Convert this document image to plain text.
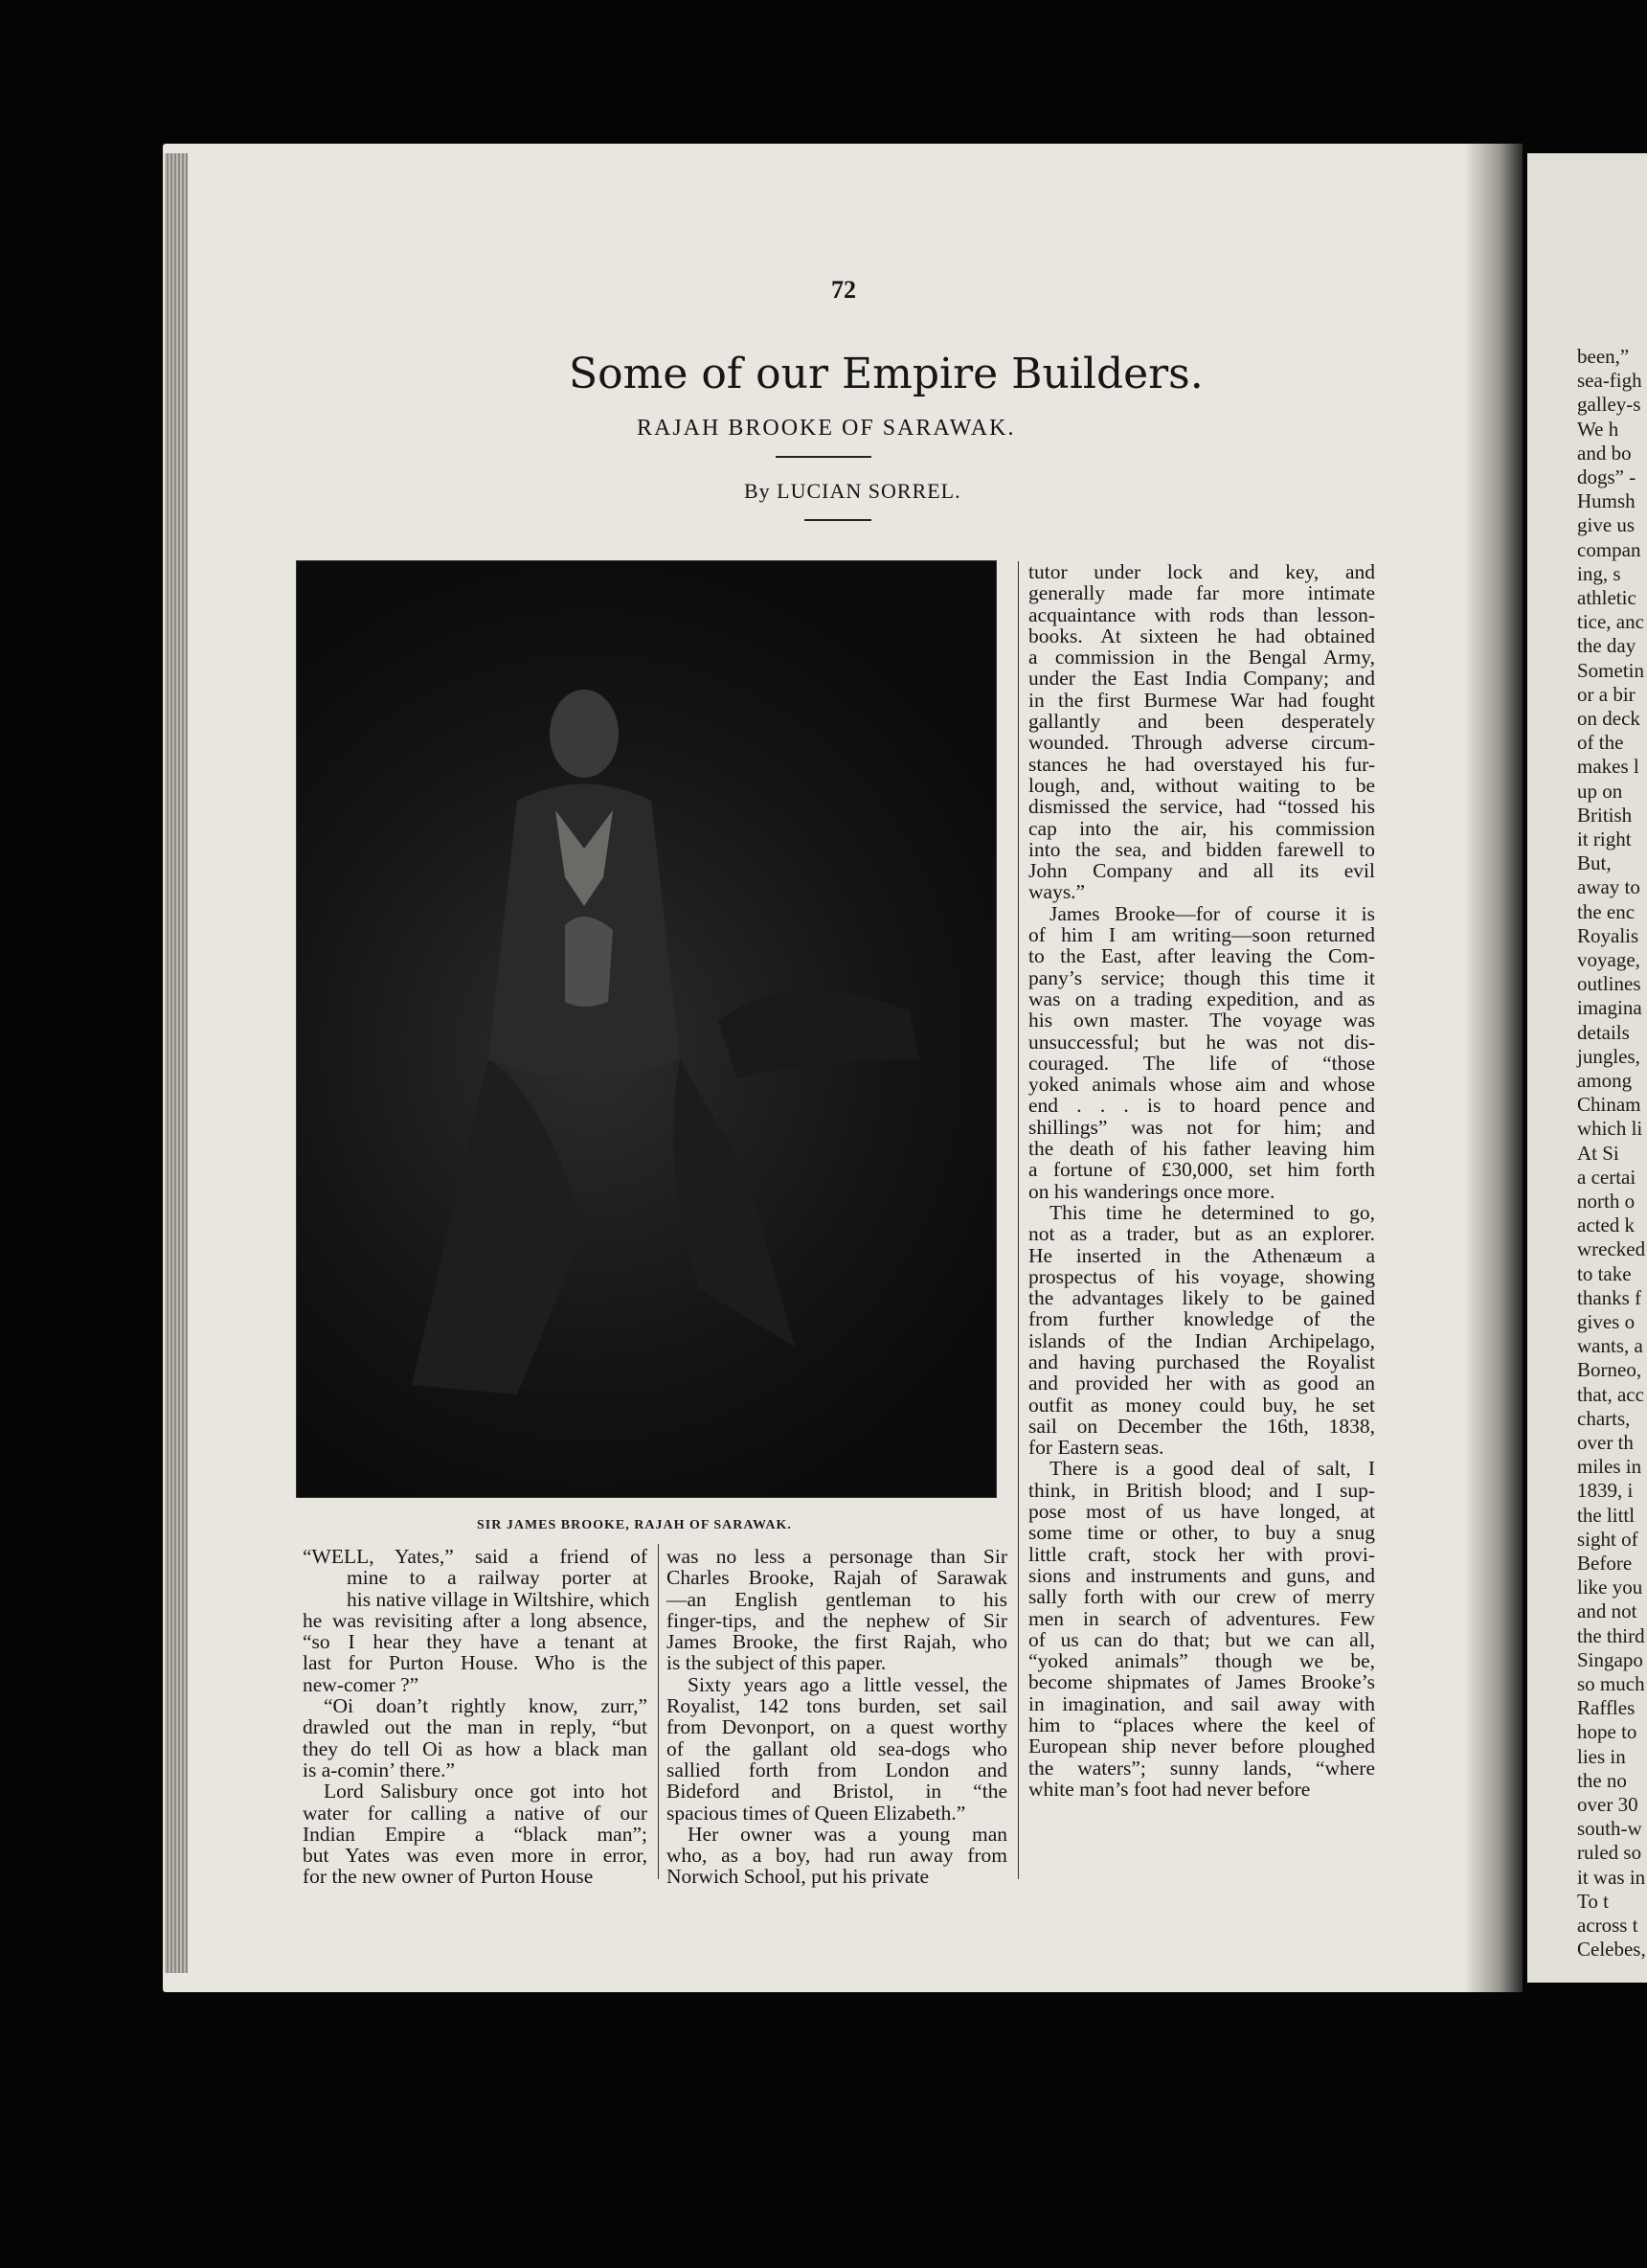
been,”
sea-figh
galley-s
We h
and bo
dogs” -
Humsh
give us
compan
ing, s
athletic
tice, anc
the day
Sometin
or a bir
on deck
of the
makes l
up on
British
it right
But,
away to
the enc
Royalis
voyage,
outlines
imagina
details
jungles,
among
Chinam
which li
At Si
a certai
north o
acted k
wrecked
to take
thanks f
gives o
wants, a
Borneo,
that, acc
charts,
over th
miles in
1839, i
the littl
sight of
Before
like you
and not
the third
Singapo
so much
Raffles
hope to
lies in
the no
over 30
south-w
ruled so
it was in
To t
across t
Celebes,
72
Some of our Empire Builders.
RAJAH BROOKE OF SARAWAK.
By LUCIAN SORREL.
SIR JAMES BROOKE, RAJAH OF SARAWAK.
“WELL, Yates,” said a friend of
mine to a railway porter at
his native village in Wiltshire, which
he was revisiting after a long absence,
“so I hear they have a tenant at
last for Purton House. Who is the
new-comer ?”
“Oi doan’t rightly know, zurr,”
drawled out the man in reply, “but
they do tell Oi as how a black man
is a-comin’ there.”
Lord Salisbury once got into hot
water for calling a native of our
Indian Empire a “black man”;
but Yates was even more in error,
for the new owner of Purton House
was no less a personage than Sir
Charles Brooke, Rajah of Sarawak
—an English gentleman to his
finger-tips, and the nephew of Sir
James Brooke, the first Rajah, who
is the subject of this paper.
Sixty years ago a little vessel, the
Royalist, 142 tons burden, set sail
from Devonport, on a quest worthy
of the gallant old sea-dogs who
sallied forth from London and
Bideford and Bristol, in “the
spacious times of Queen Elizabeth.”
Her owner was a young man
who, as a boy, had run away from
Norwich School, put his private
tutor under lock and key, and
generally made far more intimate
acquaintance with rods than lesson-
books. At sixteen he had obtained
a commission in the Bengal Army,
under the East India Company; and
in the first Burmese War had fought
gallantly and been desperately
wounded. Through adverse circum-
stances he had overstayed his fur-
lough, and, without waiting to be
dismissed the service, had “tossed his
cap into the air, his commission
into the sea, and bidden farewell to
John Company and all its evil
ways.”
James Brooke—for of course it is
of him I am writing—soon returned
to the East, after leaving the Com-
pany’s service; though this time it
was on a trading expedition, and as
his own master. The voyage was
unsuccessful; but he was not dis-
couraged. The life of “those
yoked animals whose aim and whose
end . . . is to hoard pence and
shillings” was not for him; and
the death of his father leaving him
a fortune of £30,000, set him forth
on his wanderings once more.
This time he determined to go,
not as a trader, but as an explorer.
He inserted in the Athenæum a
prospectus of his voyage, showing
the advantages likely to be gained
from further knowledge of the
islands of the Indian Archipelago,
and having purchased the Royalist
and provided her with as good an
outfit as money could buy, he set
sail on December the 16th, 1838,
for Eastern seas.
There is a good deal of salt, I
think, in British blood; and I sup-
pose most of us have longed, at
some time or other, to buy a snug
little craft, stock her with provi-
sions and instruments and guns, and
sally forth with our crew of merry
men in search of adventures. Few
of us can do that; but we can all,
“yoked animals” though we be,
become shipmates of James Brooke’s
in imagination, and sail away with
him to “places where the keel of
European ship never before ploughed
the waters”; sunny lands, “where
white man’s foot had never before
